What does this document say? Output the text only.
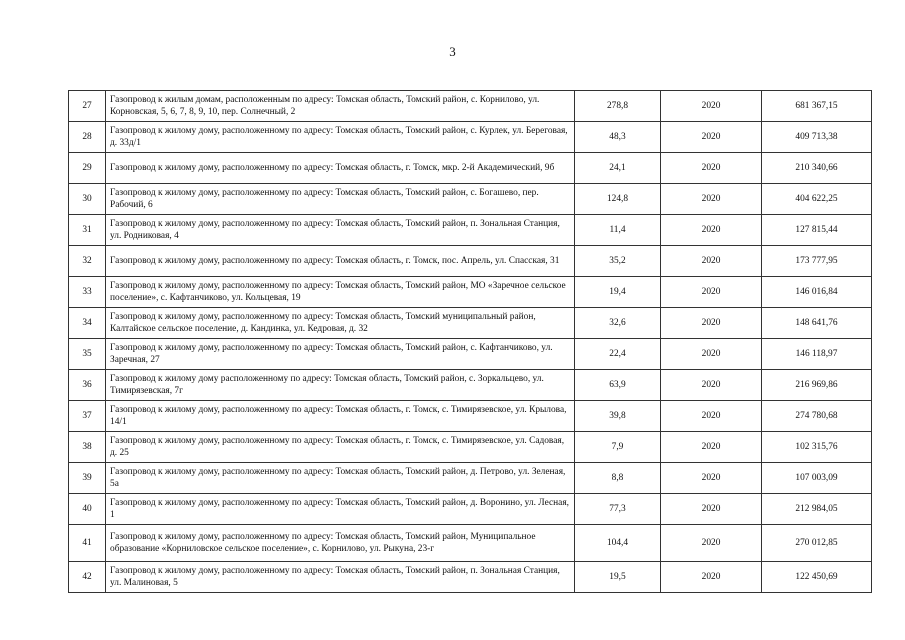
3
27	Газопровод к жилым домам, расположенным по адресу: Томская область, Томский район, с. Корнилово, ул. Корновская, 5, 6, 7, 8, 9, 10, пер. Солнечный, 2	278,8	2020	681 367,15
28	Газопровод к жилому дому, расположенному по адресу: Томская область, Томский район, с. Курлек, ул. Береговая, д. 33д/1	48,3	2020	409 713,38
29	Газопровод к жилому дому, расположенному по адресу: Томская область, г. Томск, мкр. 2-й Академический, 9б	24,1	2020	210 340,66
30	Газопровод к жилому дому, расположенному по адресу: Томская область, Томский район, с. Богашево, пер. Рабочий, 6	124,8	2020	404 622,25
31	Газопровод к жилому дому, расположенному по адресу: Томская область, Томский район, п. Зональная Станция, ул. Родниковая, 4	11,4	2020	127 815,44
32	Газопровод к жилому дому, расположенному по адресу: Томская область, г. Томск, пос. Апрель, ул. Спасская, 31	35,2	2020	173 777,95
33	Газопровод к жилому дому, расположенному по адресу: Томская область, Томский район, МО «Заречное сельское поселение», с. Кафтанчиково, ул. Кольцевая, 19	19,4	2020	146 016,84
34	Газопровод к жилому дому, расположенному по адресу: Томская область, Томский муниципальный район, Калтайское сельское поселение, д. Кандинка, ул. Кедровая, д. 32	32,6	2020	148 641,76
35	Газопровод к жилому дому, расположенному по адресу: Томская область, Томский район, с. Кафтанчиково, ул. Заречная, 27	22,4	2020	146 118,97
36	Газопровод к жилому дому расположенному по адресу: Томская область, Томский район, с. Зоркальцево, ул. Тимирязевская, 7г	63,9	2020	216 969,86
37	Газопровод к жилому дому, расположенному по адресу: Томская область, г. Томск, с. Тимирязевское, ул. Крылова, 14/1	39,8	2020	274 780,68
38	Газопровод к жилому дому, расположенному по адресу: Томская область, г. Томск, с. Тимирязевское, ул. Садовая, д. 25	7,9	2020	102 315,76
39	Газопровод к жилому дому, расположенному по адресу: Томская область, Томский район, д. Петрово, ул. Зеленая, 5а	8,8	2020	107 003,09
40	Газопровод к жилому дому, расположенному по адресу: Томская область, Томский район, д. Воронино, ул. Лесная, 1	77,3	2020	212 984,05
41	Газопровод к жилому дому, расположенному по адресу: Томская область, Томский район, Муниципальное образование «Корниловское сельское поселение», с. Корнилово, ул. Рыкуна, 23-г	104,4	2020	270 012,85
42	Газопровод к жилому дому, расположенному по адресу: Томская область, Томский район, п. Зональная Станция, ул. Малиновая, 5	19,5	2020	122 450,69
